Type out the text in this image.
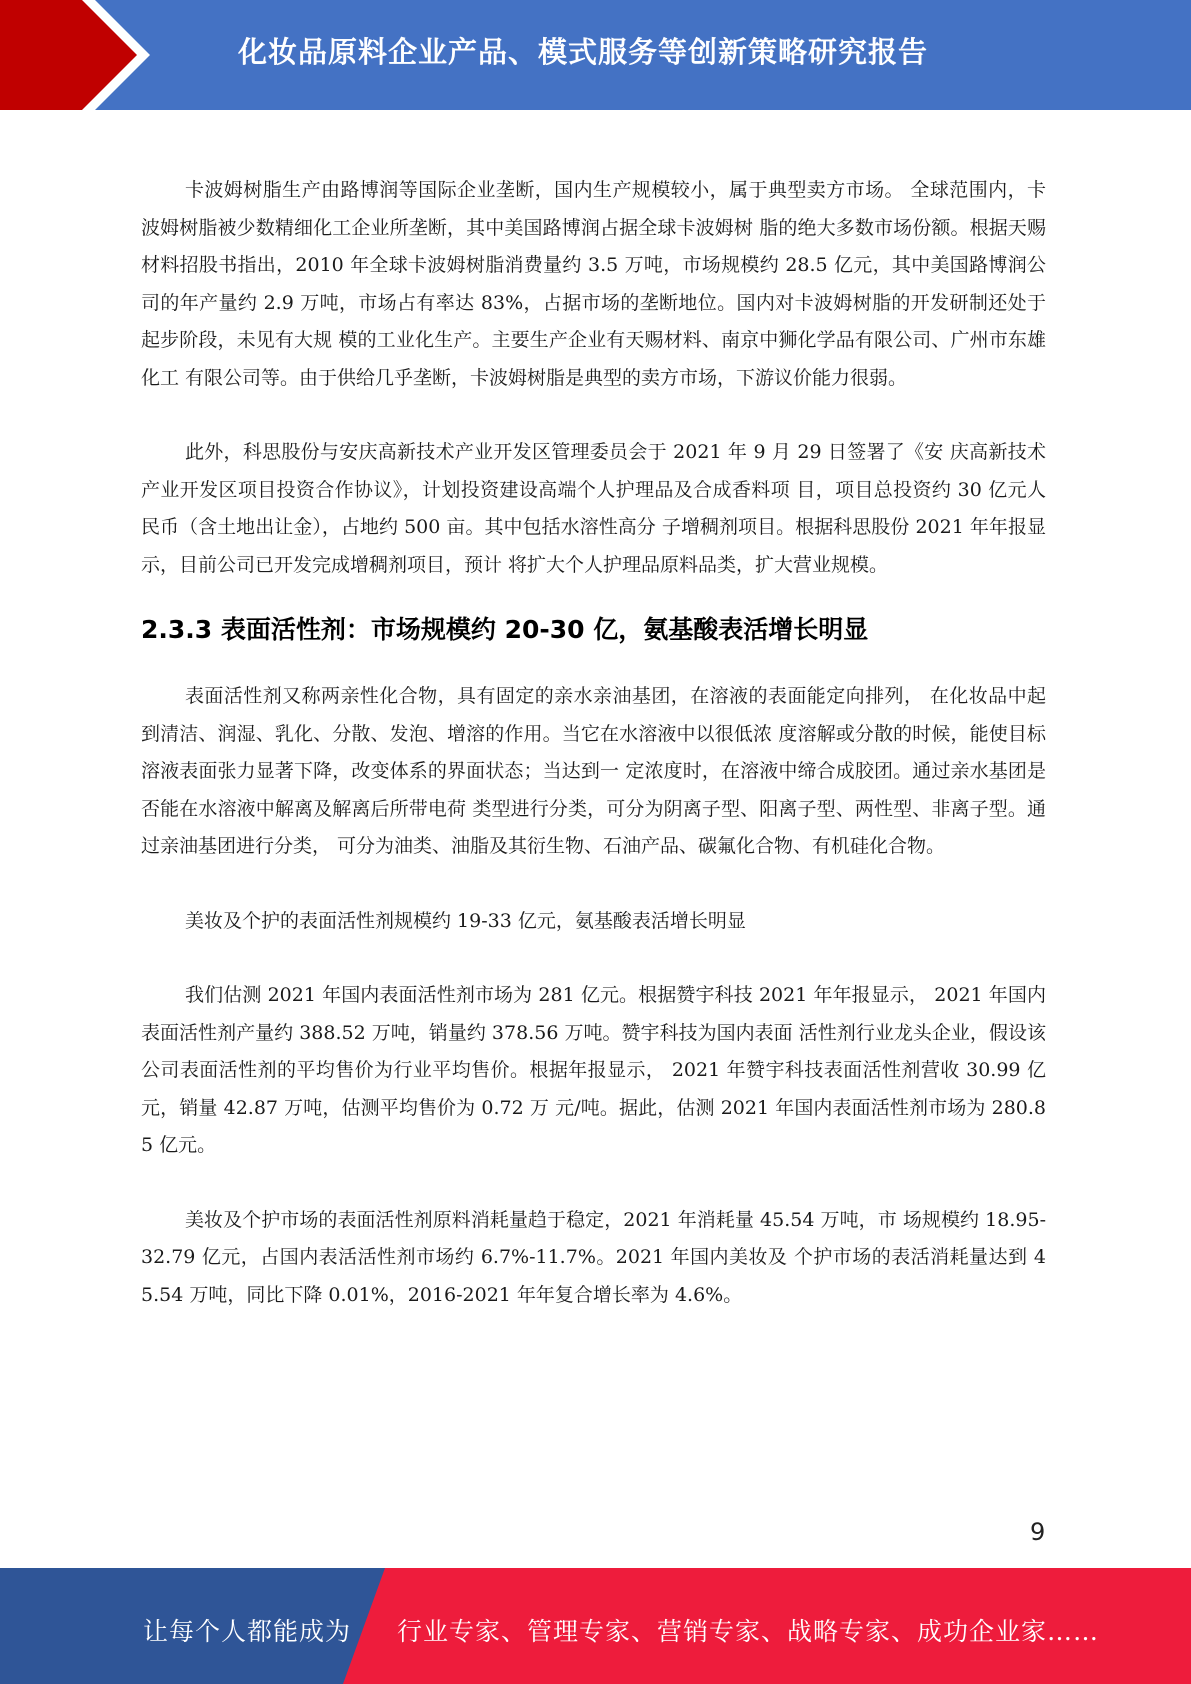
化妆品原料企业产品、模式服务等创新策略研究报告

卡波姆树脂生产由路博润等国际企业垄断，国内生产规模较小，属于典型卖方市场。 全球范围内，卡波姆树脂被少数精细化工企业所垄断，其中美国路博润占据全球卡波姆树 脂的绝大多数市场份额。根据天赐材料招股书指出，2010 年全球卡波姆树脂消费量约 3.5 万吨，市场规模约 28.5 亿元，其中美国路博润公司的年产量约 2.9 万吨，市场占有率达 83%，占据市场的垄断地位。国内对卡波姆树脂的开发研制还处于起步阶段，未见有大规 模的工业化生产。主要生产企业有天赐材料、南京中狮化学品有限公司、广州市东雄化工 有限公司等。由于供给几乎垄断，卡波姆树脂是典型的卖方市场，下游议价能力很弱。

此外，科思股份与安庆高新技术产业开发区管理委员会于 2021 年 9 月 29 日签署了《安 庆高新技术产业开发区项目投资合作协议》，计划投资建设高端个人护理品及合成香料项 目，项目总投资约 30 亿元人民币（含土地出让金），占地约 500 亩。其中包括水溶性高分 子增稠剂项目。根据科思股份 2021 年年报显示，目前公司已开发完成增稠剂项目，预计 将扩大个人护理品原料品类，扩大营业规模。

2.3.3 表面活性剂：市场规模约 20-30 亿，氨基酸表活增长明显

表面活性剂又称两亲性化合物，具有固定的亲水亲油基团，在溶液的表面能定向排列， 在化妆品中起到清洁、润湿、乳化、分散、发泡、增溶的作用。当它在水溶液中以很低浓 度溶解或分散的时候，能使目标溶液表面张力显著下降，改变体系的界面状态；当达到一 定浓度时，在溶液中缔合成胶团。通过亲水基团是否能在水溶液中解离及解离后所带电荷 类型进行分类，可分为阴离子型、阳离子型、两性型、非离子型。通过亲油基团进行分类， 可分为油类、油脂及其衍生物、石油产品、碳氟化合物、有机硅化合物。

美妆及个护的表面活性剂规模约 19-33 亿元，氨基酸表活增长明显

我们估测 2021 年国内表面活性剂市场为 281 亿元。根据赞宇科技 2021 年年报显示， 2021 年国内表面活性剂产量约 388.52 万吨，销量约 378.56 万吨。赞宇科技为国内表面 活性剂行业龙头企业，假设该公司表面活性剂的平均售价为行业平均售价。根据年报显示， 2021 年赞宇科技表面活性剂营收 30.99 亿元，销量 42.87 万吨，估测平均售价为 0.72 万 元/吨。据此，估测 2021 年国内表面活性剂市场为 280.85 亿元。

美妆及个护市场的表面活性剂原料消耗量趋于稳定，2021 年消耗量 45.54 万吨，市 场规模约 18.95-32.79 亿元，占国内表活活性剂市场约 6.7%-11.7%。2021 年国内美妆及 个护市场的表活消耗量达到 45.54 万吨，同比下降 0.01%，2016-2021 年年复合增长率为 4.6%。

9
让每个人都能成为 行业专家、管理专家、营销专家、战略专家、成功企业家……
